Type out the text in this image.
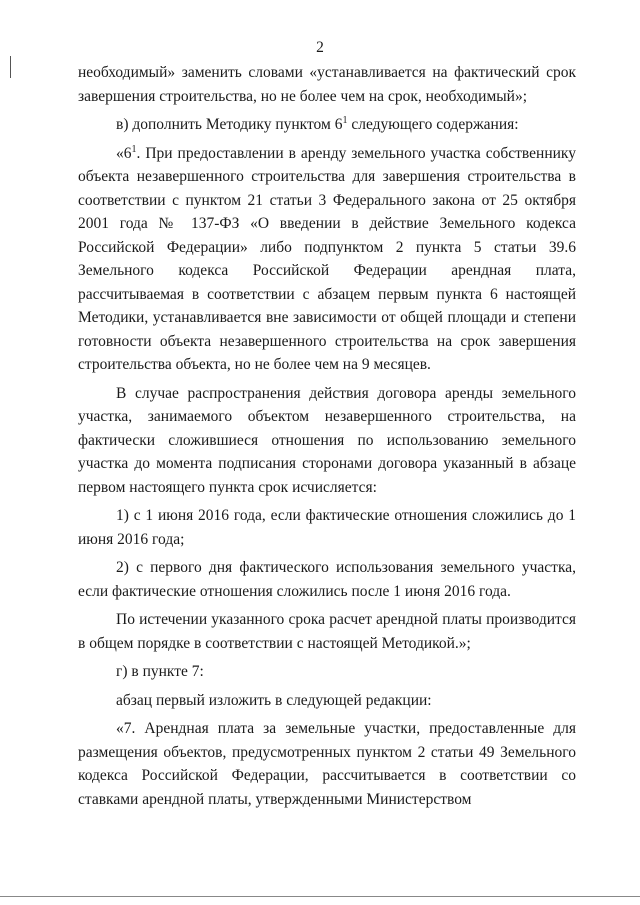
2

необходимый» заменить словами «устанавливается на фактический срок завершения строительства, но не более чем на срок, необходимый»;

в) дополнить Методику пунктом $6^1$ следующего содержания:

«$6^1$. При предоставлении в аренду земельного участка собственнику объекта незавершенного строительства для завершения строительства в соответствии с пунктом 21 статьи 3 Федерального закона от 25 октября 2001 года № 137-ФЗ «О введении в действие Земельного кодекса Российской Федерации» либо подпунктом 2 пункта 5 статьи 39.6 Земельного кодекса Российской Федерации арендная плата, рассчитываемая в соответствии с абзацем первым пункта 6 настоящей Методики, устанавливается вне зависимости от общей площади и степени готовности объекта незавершенного строительства на срок завершения строительства объекта, но не более чем на 9 месяцев.

В случае распространения действия договора аренды земельного участка, занимаемого объектом незавершенного строительства, на фактически сложившиеся отношения по использованию земельного участка до момента подписания сторонами договора указанный в абзаце первом настоящего пункта срок исчисляется:

1) с 1 июня 2016 года, если фактические отношения сложились до 1 июня 2016 года;

2) с первого дня фактического использования земельного участка, если фактические отношения сложились после 1 июня 2016 года.

По истечении указанного срока расчет арендной платы производится в общем порядке в соответствии с настоящей Методикой.»;

г) в пункте 7:

абзац первый изложить в следующей редакции:

«7. Арендная плата за земельные участки, предоставленные для размещения объектов, предусмотренных пунктом 2 статьи 49 Земельного кодекса Российской Федерации, рассчитывается в соответствии со ставками арендной платы, утвержденными Министерством
